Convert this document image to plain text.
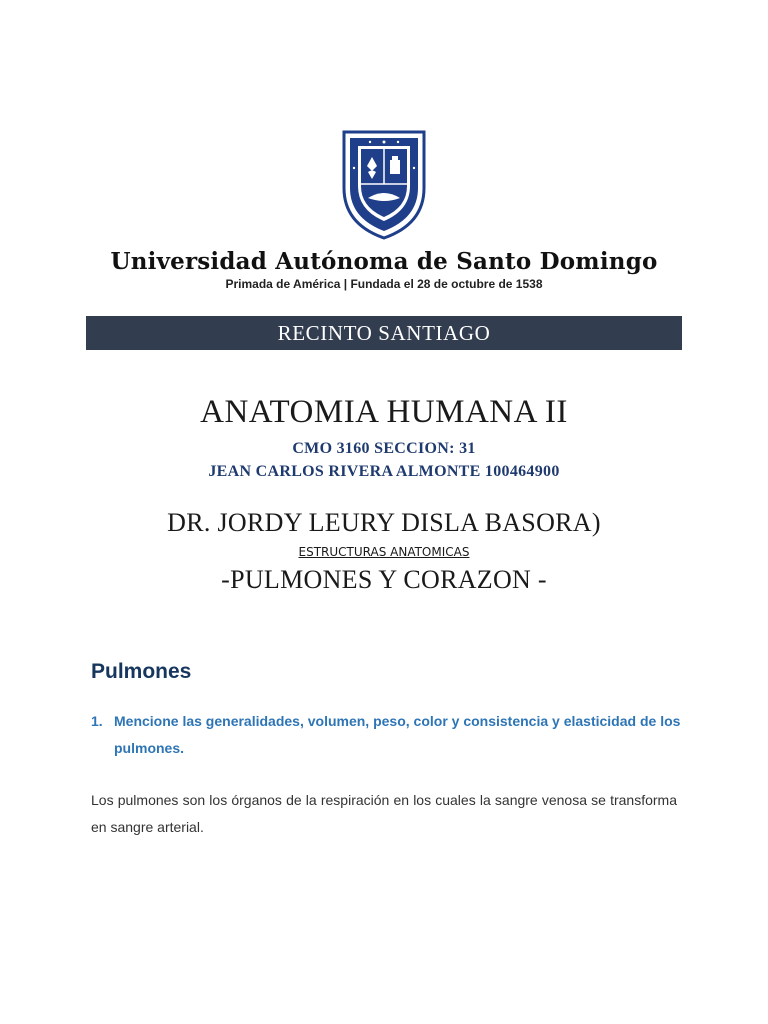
Universidad Autónoma de Santo Domingo
Primada de América | Fundada el 28 de octubre de 1538
RECINTO SANTIAGO
ANATOMIA HUMANA II
CMO 3160 SECCION: 31
JEAN CARLOS RIVERA ALMONTE 100464900
DR. JORDY LEURY DISLA BASORA)
ESTRUCTURAS ANATOMICAS
-PULMONES Y CORAZON -
Pulmones
1. Mencione las generalidades, volumen, peso, color y consistencia y elasticidad de los pulmones.
Los pulmones son los órganos de la respiración en los cuales la sangre venosa se transforma en sangre arterial.
